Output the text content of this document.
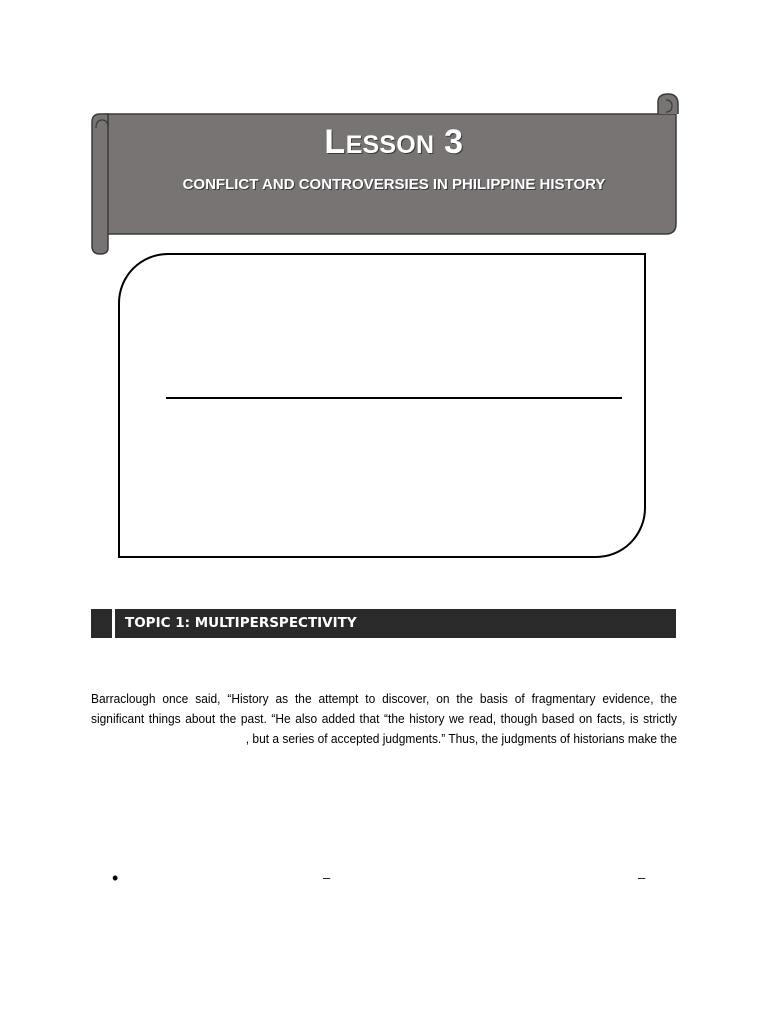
LESSON 3
CONFLICT AND CONTROVERSIES IN PHILIPPINE HISTORY
TOPIC 1: MULTIPERSPECTIVITY
Barraclough once said, “History as the attempt to discover, on the basis of fragmentary evidence, the
significant things about the past. “He also added that “the history we read, though based on facts, is strictly
, but a series of accepted judgments.” Thus, the judgments of historians make the
•	–	–
